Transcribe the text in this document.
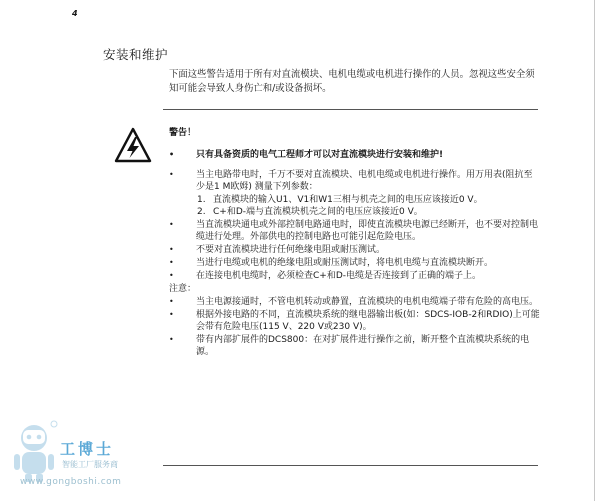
4
安装和维护
下面这些警告适用于所有对直流模块、电机电缆或电机进行操作的人员。忽视这些安全须知可能会导致人身伤亡和/或设备损坏。
警告！
• 只有具备资质的电气工程师才可以对直流模块进行安装和维护!
• 当主电路带电时，千万不要对直流模块、电机电缆或电机进行操作。用万用表(阻抗至少是1 M欧姆) 测量下列参数：
1. 直流模块的输入U1、V1和W1三相与机壳之间的电压应该接近0 V。
2. C+和D-端与直流模块机壳之间的电压应该接近0 V。
• 当直流模块通电或外部控制电路通电时，即使直流模块电源已经断开，也不要对控制电缆进行处理。外部供电的控制电路也可能引起危险电压。
• 不要对直流模块进行任何绝缘电阻或耐压测试。
• 当进行电缆或电机的绝缘电阻或耐压测试时，将电机电缆与直流模块断开。
• 在连接电机电缆时，必须检查C+和D-电缆是否连接到了正确的端子上。
注意：
• 当主电源接通时，不管电机转动或静置，直流模块的电机电缆端子带有危险的高电压。
• 根据外接电路的不同，直流模块系统的继电器输出板(如：SDCS-IOB-2和RDIO)上可能会带有危险电压(115 V、220 V或230 V)。
• 带有内部扩展件的DCS800：在对扩展件进行操作之前，断开整个直流模块系统的电源。
工博士
智能工厂服务商
www.gongboshi.com
